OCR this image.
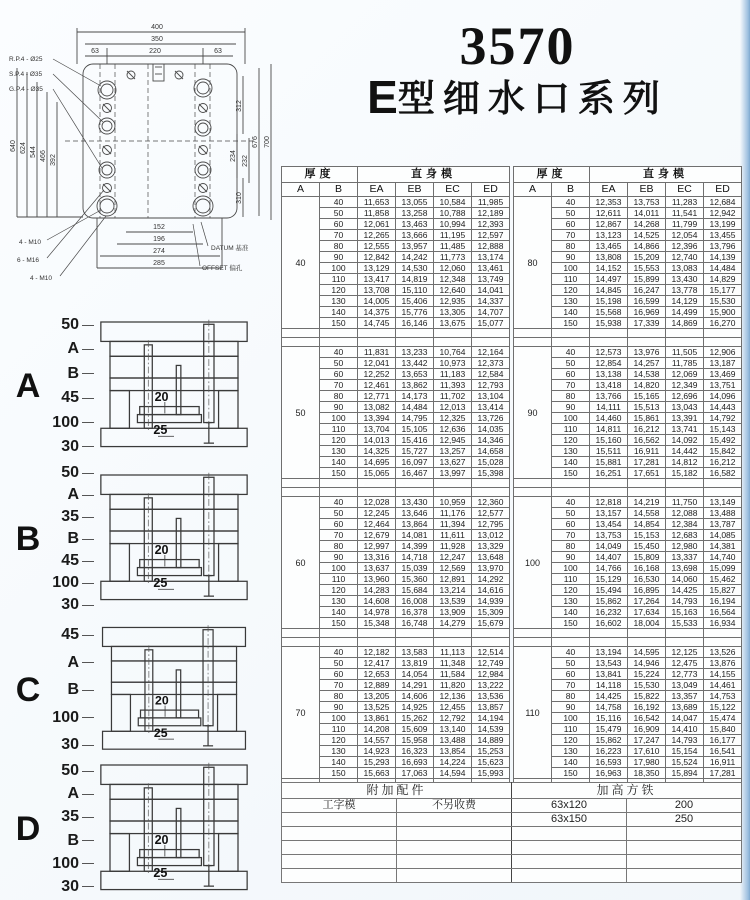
3570
E型细水口系列
400
350
63	220	63
640 624 544 466 392
312
234 232
310
676 700
152
196
274
285
R.P.4 - Ø25
S.P.4 - Ø35
G.P.4 - Ø35
4 - M10
6 - M16
4 - M10
DATUM 基准
OFFSET 偏孔
A
50
A
B
45
100
30
20
25
B
50
A
35
B
45
100
30
20
25
C
45
A
B
100
30
20
25
D
50
A
35
B
100
30
20
25
厚度		直身模			
A	B	EA	EB	EC	ED
40	40	11,653	13,055	10,584	11,985
	50	11,858	13,258	10,788	12,189
	60	12,061	13,463	10,994	12,393
	70	12,265	13,666	11,195	12,597
	80	12,555	13,957	11,485	12,888
	90	12,842	14,242	11,773	13,174
	100	13,129	14,530	12,060	13,461
	110	13,417	14,819	12,348	13,749
	120	13,708	15,110	12,640	14,041
	130	14,005	15,406	12,935	14,337
	140	14,375	15,776	13,305	14,707
	150	14,745	16,146	13,675	15,077

50	40	11,831	13,233	10,764	12,164
	50	12,041	13,442	10,973	12,373
	60	12,252	13,653	11,183	12,584
	70	12,461	13,862	11,393	12,793
	80	12,771	14,173	11,702	13,104
	90	13,082	14,484	12,013	13,414
	100	13,394	14,795	12,325	13,726
	110	13,704	15,105	12,636	14,035
	120	14,013	15,416	12,945	14,346
	130	14,325	15,727	13,257	14,658
	140	14,695	16,097	13,627	15,028
	150	15,065	16,467	13,997	15,398

60	40	12,028	13,430	10,959	12,360
	50	12,245	13,646	11,176	12,577
	60	12,464	13,864	11,394	12,795
	70	12,679	14,081	11,611	13,012
	80	12,997	14,399	11,928	13,329
	90	13,316	14,718	12,247	13,648
	100	13,637	15,039	12,569	13,970
	110	13,960	15,360	12,891	14,292
	120	14,283	15,684	13,214	14,616
	130	14,608	16,008	13,539	14,939
	140	14,978	16,378	13,909	15,309
	150	15,348	16,748	14,279	15,679

70	40	12,182	13,583	11,113	12,514
	50	12,417	13,819	11,348	12,749
	60	12,653	14,054	11,584	12,984
	70	12,889	14,291	11,820	13,222
	80	13,205	14,606	12,136	13,536
	90	13,525	14,925	12,455	13,857
	100	13,861	15,262	12,792	14,194
	110	14,208	15,609	13,140	14,539
	120	14,557	15,958	13,488	14,889
	130	14,923	16,323	13,854	15,253
	140	15,293	16,693	14,224	15,623
	150	15,663	17,063	14,594	15,993

厚度		直身模			
A	B	EA	EB	EC	ED
80	40	12,353	13,753	11,283	12,684
	50	12,611	14,011	11,541	12,942
	60	12,867	14,268	11,799	13,199
	70	13,123	14,525	12,054	13,455
	80	13,465	14,866	12,396	13,796
	90	13,808	15,209	12,740	14,139
	100	14,152	15,553	13,083	14,484
	110	14,497	15,899	13,430	14,829
	120	14,845	16,247	13,778	15,177
	130	15,198	16,599	14,129	15,530
	140	15,568	16,969	14,499	15,900
	150	15,938	17,339	14,869	16,270

90	40	12,573	13,976	11,505	12,906
	50	12,854	14,257	11,785	13,187
	60	13,138	14,538	12,069	13,469
	70	13,418	14,820	12,349	13,751
	80	13,766	15,165	12,696	14,096
	90	14,111	15,513	13,043	14,443
	100	14,460	15,861	13,391	14,792
	110	14,811	16,212	13,741	15,143
	120	15,160	16,562	14,092	15,492
	130	15,511	16,911	14,442	15,842
	140	15,881	17,281	14,812	16,212
	150	16,251	17,651	15,182	16,582

100	40	12,818	14,219	11,750	13,149
	50	13,157	14,558	12,088	13,488
	60	13,454	14,854	12,384	13,787
	70	13,753	15,153	12,683	14,085
	80	14,049	15,450	12,980	14,381
	90	14,407	15,809	13,337	14,740
	100	14,766	16,168	13,698	15,099
	110	15,129	16,530	14,060	15,462
	120	15,494	16,895	14,425	15,827
	130	15,862	17,264	14,793	16,194
	140	16,232	17,634	15,163	16,564
	150	16,602	18,004	15,533	16,934

110	40	13,194	14,595	12,125	13,526
	50	13,543	14,946	12,475	13,876
	60	13,841	15,224	12,773	14,155
	70	14,118	15,530	13,049	14,461
	80	14,425	15,822	13,357	14,753
	90	14,758	16,192	13,689	15,122
	100	15,116	16,542	14,047	15,474
	110	15,479	16,909	14,410	15,840
	120	15,862	17,247	14,793	16,177
	130	16,223	17,610	15,154	16,541
	140	16,593	17,980	15,524	16,911
	150	16,963	18,350	15,894	17,281

附加配件		加高方铁	
工字模	不另收费	63x120	200
		63x150	250
